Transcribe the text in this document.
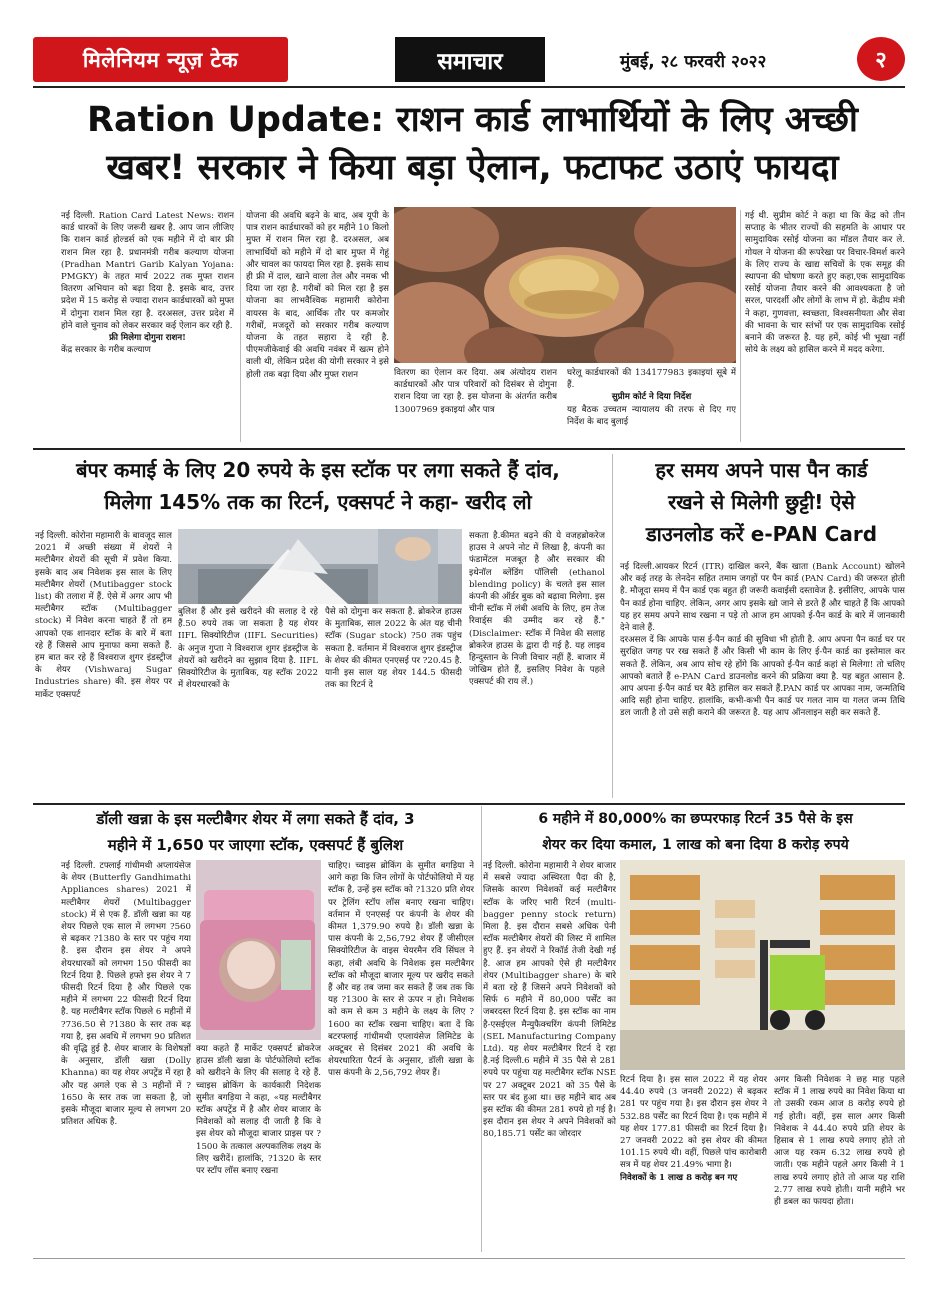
मिलेनियम न्यूज़ टेक	समाचार	मुंबई, २८ फरवरी २०२२	२
Ration Update: राशन कार्ड लाभार्थियों के लिए अच्छी
खबर! सरकार ने किया बड़ा ऐलान, फटाफट उठाएं फायदा

नई दिल्ली. Ration Card Latest News: राशन कार्ड धारकों के लिए जरूरी खबर है. आप जान लीजिए कि राशन कार्ड होल्डर्स को एक महीने में दो बार फ्री राशन मिल रहा है. प्रधानमंत्री गरीब कल्याण योजना (Pradhan Mantri Garib Kalyan Yojana: PMGKY) के तहत मार्च 2022 तक मुफ्त राशन वितरण अभियान को बढ़ा दिया है. इसके बाद, उत्तर प्रदेश में 15 करोड़ से ज्यादा राशन कार्डधारकों को मुफ्त में दोगुना राशन मिल रहा है. दरअसल, उत्तर प्रदेश में होने वाले चुनाव को लेकर सरकार कई ऐलान कर रही है.

फ्री मिलेगा दोगुना राशन!

केंद्र सरकार के गरीब कल्याण

योजना की अवधि बढ़ने के बाद, अब यूपी के पात्र राशन कार्डधारकों को हर महीने 10 किलो मुफ्त में राशन मिल रहा है. दरअसल, अब लाभार्थियों को महीने में दो बार मुफ्त में गेहूं और चावल का फायदा मिल रहा है. इसके साथ ही फ्री में दाल, खाने वाला तेल और नमक भी दिया जा रहा है. गरीबों को मिल रहा है इस योजना का लाभवैश्विक महामारी कोरोना वायरस के बाद, आर्थिक तौर पर कमजोर गरीबों, मजदूरों को सरकार गरीब कल्याण योजना के तहत सहारा दे रही है. पीएमजीकेवाई की अवधि नवंबर में खत्म होने वाली थी, लेकिन प्रदेश की योगी सरकार ने इसे होली तक बढ़ा दिया और मुफ्त राशन	वितरण का ऐलान कर दिया. अब अंत्योदय राशन कार्डधारकों और पात्र परिवारों को दिसंबर से दोगुना राशन दिया जा रहा है. इस योजना के अंतर्गत करीब 13007969 इकाइयां और पात्र

घरेलू कार्डधारकों की 134177983 इकाइयां सूबे में हैं.

सुप्रीम कोर्ट ने दिया निर्देश

यह बैठक उच्चतम न्यायालय की तरफ से दिए गए निर्देश के बाद बुलाई

गई थी. सुप्रीम कोर्ट ने कहा था कि केंद्र को तीन सप्ताह के भीतर राज्यों की सहमति के आधार पर सामुदायिक रसोई योजना का मॉडल तैयार कर ले. गोयल ने योजना की रूपरेखा पर विचार-विमर्श करने के लिए राज्य के खाद्य सचिवों के एक समूह की स्थापना की घोषणा करते हुए कहा,एक सामुदायिक रसोई योजना तैयार करने की आवश्यकता है जो सरल, पारदर्शी और लोगों के लाभ में हो. केंद्रीय मंत्री ने कहा, गुणवत्ता, स्वच्छता, विश्वसनीयता और सेवा की भावना के चार स्तंभों पर एक सामुदायिक रसोई बनाने की जरूरत है. यह हमें, कोई भी भूखा नहीं सोये के लक्ष्य को हासिल करने में मदद करेगा.

बंपर कमाई के लिए 20 रुपये के इस स्टॉक पर लगा सकते हैं दांव,
मिलेगा 145% तक का रिटर्न, एक्सपर्ट ने कहा- खरीद लो

नई दिल्ली. कोरोना महामारी के बावजूद साल 2021 में अच्छी संख्या में शेयरों ने मल्टीबैगर शेयरों की सूची में प्रवेश किया. इसके बाद अब निवेशक इस साल के लिए मल्टीबैगर शेयरों (Mutibagger stock list) की तलाश में हैं. ऐसे में अगर आप भी मल्टीबैगर स्टॉक (Multibagger stock) में निवेश करना चाहते हैं तो हम आपको एक शानदार स्टॉक के बारे में बता रहे हैं जिससे आप मुनाफा कमा सकते हैं. हम बात कर रहे हैं विश्वराज शुगर इंडस्ट्रीज के शेयर (Vishwaraj Sugar Industries share) की. इस शेयर पर मार्केट एक्सपर्ट

बुलिश हैं और इसे खरीदने की सलाह दे रहे हैं.50 रुपये तक जा सकता है यह शेयर IIFL सिक्योरिटीज (IIFL Securities) के अनुज गुप्ता ने विश्वराज शुगर इंडस्ट्रीज के शेयरों को खरीदने का सुझाव दिया है. IIFL सिक्योरिटीज के मुताबिक, यह स्टॉक 2022 में शेयरधारकों के

पैसे को दोगुना कर सकता है. ब्रोकरेज हाउस के मुताबिक, साल 2022 के अंत यह चीनी स्टॉक (Sugar stock) ?50 तक पहुंच सकता है. वर्तमान में विश्वराज शुगर इंडस्ट्रीज के शेयर की कीमत एनएसई पर ?20.45 है. यानी इस साल यह शेयर 144.5 फीसदी तक का रिटर्न दे

सकता है.कीमत बढ़ने की ये वजहब्रोकरेज हाउस ने अपने नोट में लिखा है, कंपनी का फंडामेंटल मजबूत है और सरकार की इथेनॉल ब्लेंडिंग पॉलिसी (ethanol blending policy) के चलते इस साल कंपनी की ऑर्डर बुक को बढ़ावा मिलेगा. इस चीनी स्टॉक में लंबी अवधि के लिए, हम तेज रिवार्ड्स की उम्मीद कर रहे हैं."(Disclaimer: स्टॉक में निवेश की सलाह ब्रोकरेज हाउस के द्वारा दी गई है. यह लाइव हिन्दुस्तान के निजी विचार नहीं हैं. बाजार में जोखिम होते हैं, इसलिए निवेश के पहले एक्सपर्ट की राय लें.)

हर समय अपने पास पैन कार्ड
रखने से मिलेगी छुट्टी! ऐसे
डाउनलोड करें e-PAN Card

नई दिल्ली.आयकर रिटर्न (ITR) दाखिल करने, बैंक खाता (Bank Account) खोलने और कई तरह के लेनदेन सहित तमाम जगहों पर पैन कार्ड (PAN Card) की जरूरत होती है. मौजूदा समय में पैन कार्ड एक बहुत ही जरूरी कवाईसी दस्तावेज है. इसीलिए, आपके पास पैन कार्ड होना चाहिए. लेकिन, अगर आप इसके खो जाने से डरते हैं और चाहते हैं कि आपको यह हर समय अपने साथ रखना न पड़े तो आज हम आपको ई-पैन कार्ड के बारे में जानकारी देने वाले हैं.

दरअसल दें कि आपके पास ई-पैन कार्ड की सुविधा भी होती है. आप अपना पैन कार्ड घर पर सुरक्षित जगह पर रख सकते हैं और किसी भी काम के लिए ई-पैन कार्ड का इस्तेमाल कर सकते हैं. लेकिन, अब आप सोच रहे होंगे कि आपको ई-पैन कार्ड कहां से मिलेगा! तो चलिए आपको बताते हैं e-PAN Card डाउनलोड करने की प्रक्रिया क्या है. यह बहुत आसान है. आप अपना ई-पैन कार्ड घर बैठे हासिल कर सकते हैं.PAN कार्ड पर आपका नाम, जन्मतिथि आदि सही होना चाहिए. हालांकि, कभी-कभी पैन कार्ड पर गलत नाम या गलत जन्म तिथि डल जाती है तो उसे सही कराने की जरूरत है. यह आप ऑनलाइन सही कर सकते हैं.

डॉली खन्ना के इस मल्टीबैगर शेयर में लगा सकते हैं दांव, 3
महीने में 1,650 पर जाएगा स्टॉक, एक्सपर्ट हैं बुलिश

नई दिल्ली. टफ्लाई गांधीमथी अप्लायंसेज के शेयर (Butterfly Gandhimathi Appliances shares) 2021 में मल्टीबैगर शेयरों (Multibagger stock) में से एक हैं. डॉली खन्ना का यह शेयर पिछले एक साल में लगभग ?560 से बढ़कर ?1380 के स्तर पर पहुंच गया है. इस दौरान इस शेयर ने अपने शेयरधारकों को लगभग 150 फीसदी का रिटर्न दिया है. पिछले हफ्ते इस शेयर ने 7 फीसदी रिटर्न दिया है और पिछले एक महीने में लगभग 22 फीसदी रिटर्न दिया है. यह मल्टीबैगर स्टॉक पिछले 6 महीनों में ?736.50 से ?1380 के स्तर तक बढ़ गया है, इस अवधि में लगभग 90 प्रतिशत की वृद्धि हुई है. शेयर बाजार के विशेषज्ञों के अनुसार, डॉली खन्ना (Dolly Khanna) का यह शेयर अपट्रेंड में रहा है और यह अगले एक से 3 महीनों में ?1650 के स्तर तक जा सकता है, जो इसके मौजूदा बाजार मूल्य से लगभग 20 प्रतिशत अधिक है.

क्या कहते हैं मार्केट एक्सपर्ट ब्रोकरेज हाउस डॉली खन्ना के पोर्टफोलियो स्टॉक को खरीदने के लिए की सलाह दे रहे हैं. च्वाइस ब्रोकिंग के कार्यकारी निदेशक सुमीत बगड़िया ने कहा, «यह मल्टीबैगर स्टॉक अपट्रेंड में है और शेयर बाजार के निवेशकों को सलाह दी जाती है कि वे इस शेयर को मौजूदा बाजार प्राइस पर ?1500 के तत्काल अल्पकालिक लक्ष्य के लिए खरीदें। हालांकि, ?1320 के स्तर पर स्टॉप लॉस बनाए रखना

चाहिए। च्वाइस ब्रोकिंग के सुमीत बगड़िया ने आगे कहा कि जिन लोगों के पोर्टफोलियो में यह स्टॉक है, उन्हें इस स्टॉक को ?1320 प्रति शेयर पर ट्रेलिंग स्टॉप लॉस बनाए रखना चाहिए। वर्तमान में एनएसई पर कंपनी के शेयर की कीमत 1,379.90 रुपये है। डॉली खन्ना के पास कंपनी के 2,56,792 शेयर हैं जीसीएल सिक्योरिटीज के वाइस चेयरमैन रवि सिंघल ने कहा, लंबी अवधि के निवेशक इस मल्टीबैगर स्टॉक को मौजूदा बाजार मूल्य पर खरीद सकते हैं और वह तब जमा कर सकते हैं जब तक कि यह ?1300 के स्तर से ऊपर न हो। निवेशक को कम से कम 3 महीने के लक्ष्य के लिए ?1600 का स्टॉक रखना चाहिए। बता दें कि बटरफ्लाई गांधीमथी एप्लायंसेज लिमिटेड के अक्टूबर से दिसंबर 2021 की अवधि के शेयरधारिता पैटर्न के अनुसार, डॉली खन्ना के पास कंपनी के 2,56,792 शेयर हैं।

6 महीने में 80,000% का छप्परफाड़ रिटर्न 35 पैसे के इस
शेयर कर दिया कमाल, 1 लाख को बना दिया 8 करोड़ रुपये

नई दिल्ली. कोरोना महामारी ने शेयर बाजार में सबसे ज्यादा अस्थिरता पैदा की है, जिसके कारण निवेशकों कई मल्टीबैगर स्टॉक के जरिए भारी रिटर्न (multi-bagger penny stock return) मिला है. इस दौरान सबसे अधिक पेनी स्टॉक मल्टीबैगर शेयरों की लिस्ट में शामिल हुए हैं. इन शेयरों ने रिकॉर्ड तेजी देखी गई है. आज हम आपको ऐसे ही मल्टीबैगर शेयर (Multibagger share) के बारे में बता रहे हैं जिसने अपने निवेशकों को सिर्फ 6 महीने में 80,000 पर्सेंट का जबरदस्त रिटर्न दिया है. इस स्टॉक का नाम है-एसईएल मैन्युफैक्चरिंग कंपनी लिमिटेड (SEL Manufacturing Company Ltd). यह शेयर मल्टीबैगर रिटर्न दे रहा है.नई दिल्ली.6 महीने में 35 पैसे से 281 रुपये पर पहुंचा यह मल्टीबैगर स्टॉक NSE पर 27 अक्टूबर 2021 को 35 पैसे के स्तर पर बंद हुआ था। छह महीने बाद अब इस स्टॉक की कीमत 281 रुपये हो गई है। इस दौरान इस शेयर ने अपने निवेशकों को 80,185.71 पर्सेंट का जोरदार

रिटर्न दिया है। इस साल 2022 में यह शेयर 44.40 रुपये (3 जनवरी 2022) से बढ़कर 281 पर पहुंच गया है। इस दौरान इस शेयर ने 532.88 पर्सेंट का रिटर्न दिया है। एक महीने में यह शेयर 177.81 फीसदी का रिटर्न दिया है। 27 जनवरी 2022 को इस शेयर की कीमत 101.15 रुपये थी। वहीं, पिछले पांच कारोबारी सत्र में यह शेयर 21.49% भागा है।

निवेशकों के 1 लाख 8 करोड़ बन गए

अगर किसी निवेशक ने छह माह पहले स्टॉक में 1 लाख रुपये का निवेश किया था तो उसकी रकम आज 8 करोड़ रुपये हो गई होती। वहीं, इस साल अगर किसी निवेशक ने 44.40 रुपये प्रति शेयर के हिसाब से 1 लाख रुपये लगाए होते तो आज यह रकम 6.32 लाख रुपये हो जाती। एक महीने पहले अगर किसी ने 1 लाख रुपये लगाए होते तो आज यह राशि 2.77 लाख रुपये होती। यानी महीने भर ही डबल का फायदा होता।
